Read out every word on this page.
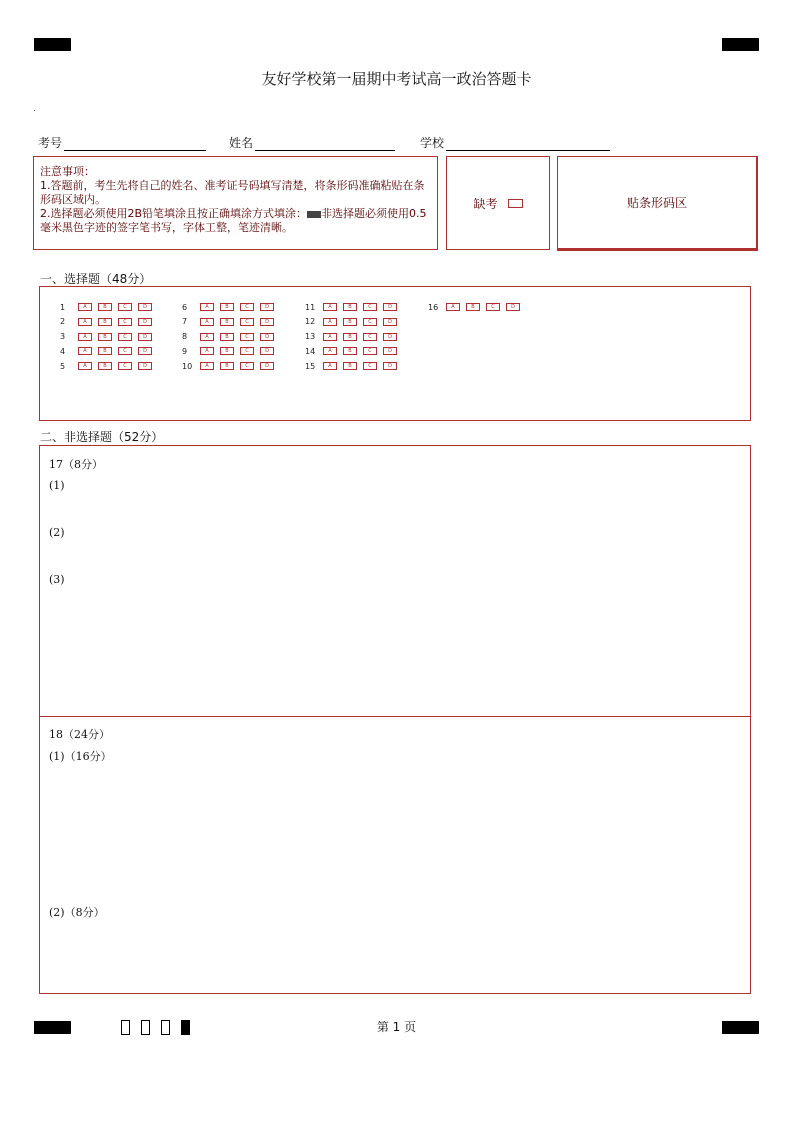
友好学校第一届期中考试高一政治答题卡
考号	姓名	学校

注意事项：

1.答题前，考生先将自己的姓名、准考证号码填写清楚，将条形码准确粘贴在条形码区域内。

2.选择题必须使用2B铅笔填涂且按正确填涂方式填涂： 非选择题必须使用0.5毫米黑色字迹的签字笔书写，字体工整，笔迹清晰。

缺考	贴条形码区
一、选择题（48分）
1	A	B	C	D
2	A	B	C	D
3	A	B	C	D
4	A	B	C	D
5	A	B	C	D
6	A	B	C	D
7	A	B	C	D
8	A	B	C	D
9	A	B	C	D
10	A	B	C	D
11	A	B	C	D
12	A	B	C	D
13	A	B	C	D
14	A	B	C	D
15	A	B	C	D
16	A	B	C	D
二、非选择题（52分）
17（8分）
(1)
(2)
(3)
18（24分）
(1)（16分）
(2)（8分）
第 1 页
